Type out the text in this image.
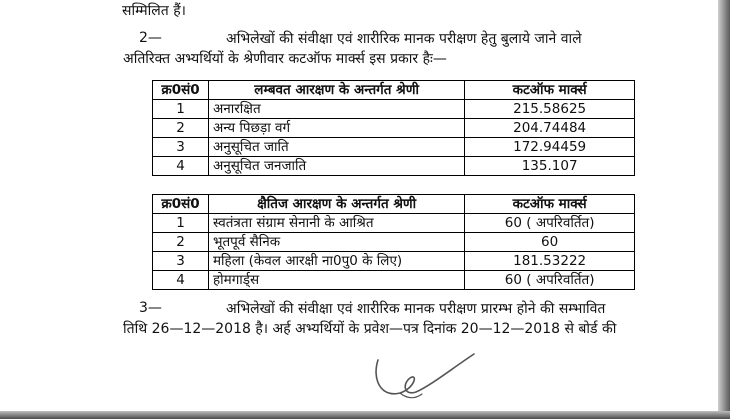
सम्मिलित हैं।
2—	अभिलेखों की संवीक्षा एवं शारीरिक मानक परीक्षण हेतु बुलाये जाने वाले
अतिरिक्त अभ्यर्थियों के श्रेणीवार कटऑफ मार्क्स इस प्रकार हैः—
क्र0सं0	लम्बवत आरक्षण के अन्तर्गत श्रेणी	कटऑफ मार्क्स
1	अनारक्षित	215.58625
2	अन्य पिछड़ा वर्ग	204.74484
3	अनुसूचित जाति	172.94459
4	अनुसूचित जनजाति	135.107
क्र0सं0	क्षैतिज आरक्षण के अन्तर्गत श्रेणी	कटऑफ मार्क्स
1	स्वतंत्रता संग्राम सेनानी के आश्रित	60 ( अपरिवर्तित)
2	भूतपूर्व सैनिक	60
3	महिला (केवल आरक्षी ना0पु0 के लिए)	181.53222
4	होमगार्ड्स	60 ( अपरिवर्तित)
3—	अभिलेखों की संवीक्षा एवं शारीरिक मानक परीक्षण प्रारम्भ होने की सम्भावित
तिथि 26—12—2018 है। अर्ह अभ्यर्थियों के प्रवेश—पत्र दिनांक 20—12—2018 से बोर्ड की
